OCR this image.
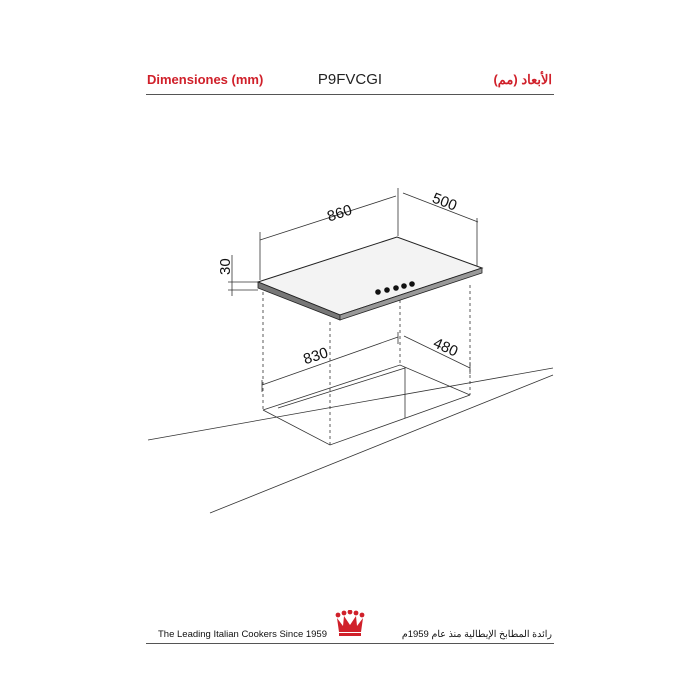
Dimensiones (mm)	P9FVCGI	الأبعاد (مم)
860	500
30
830	480
The Leading Italian Cookers Since 1959	رائدة المطابخ الإيطالية منذ عام 1959م
